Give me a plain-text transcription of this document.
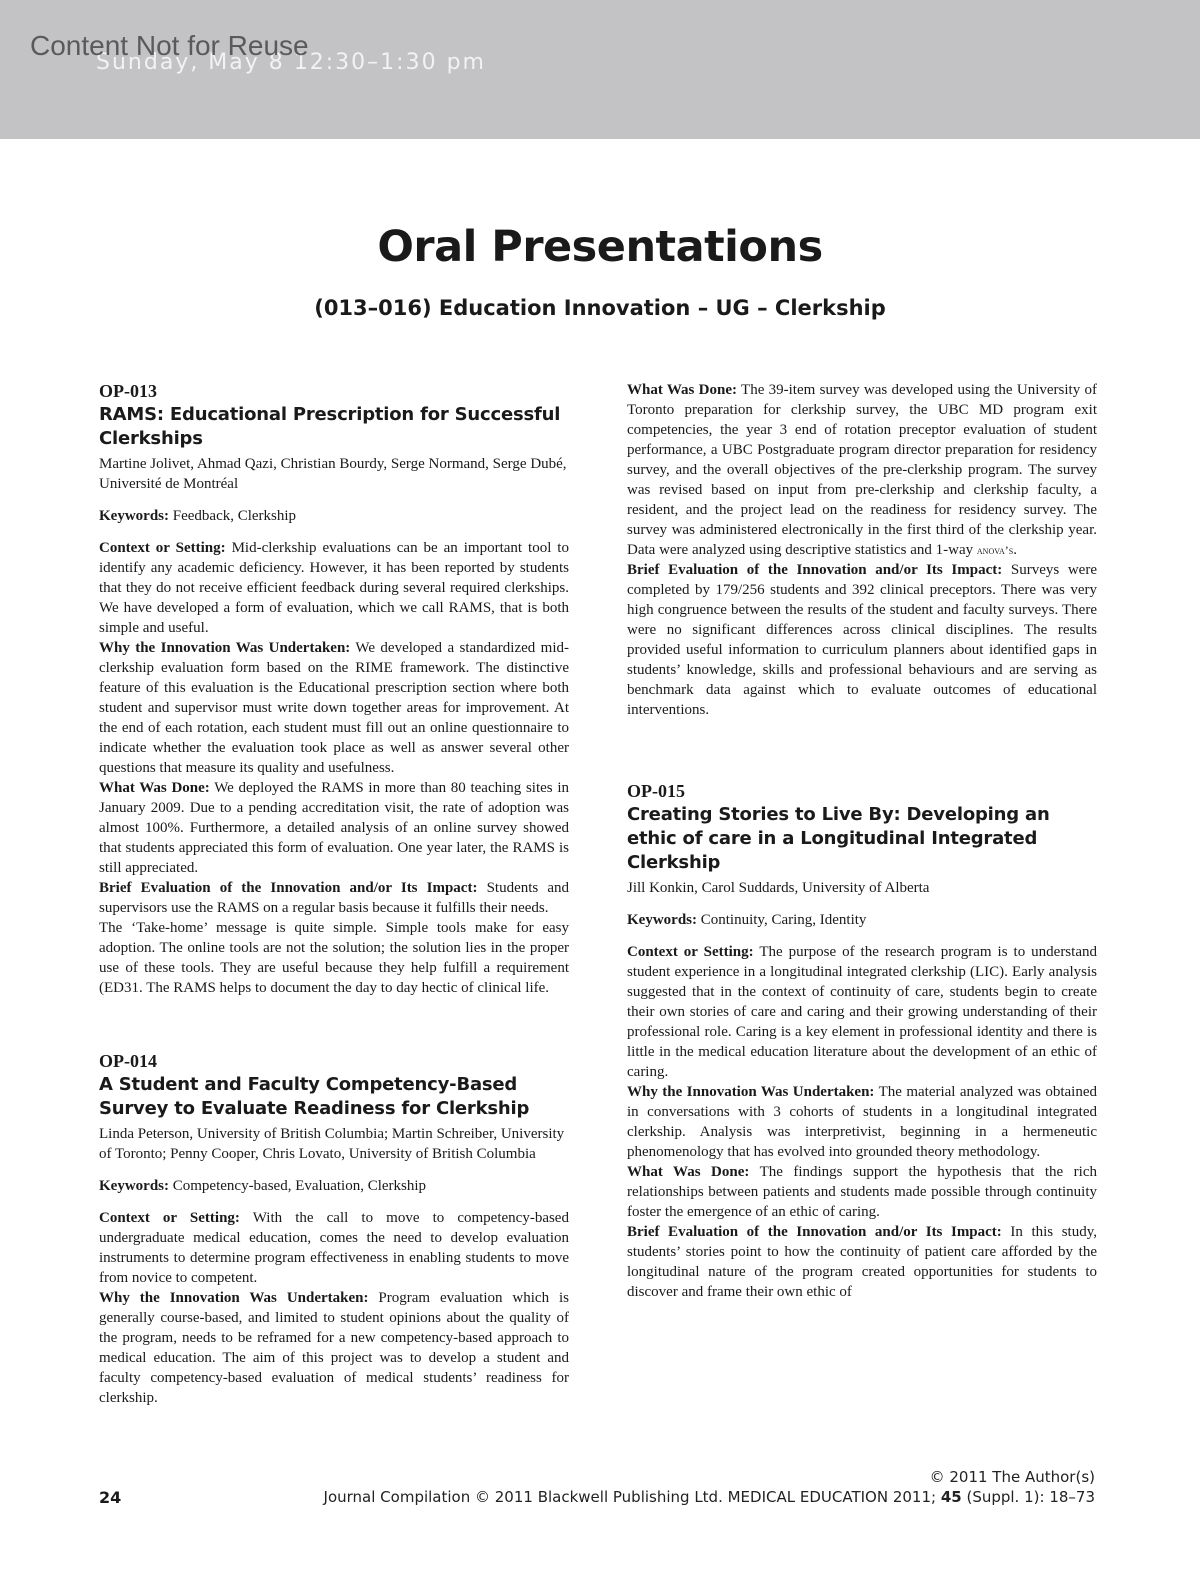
Sunday, May 8 12:30–1:30 pm
Content Not for Reuse
Oral Presentations
(013–016) Education Innovation – UG – Clerkship
OP-013
RAMS: Educational Prescription for Successful Clerkships
Martine Jolivet, Ahmad Qazi, Christian Bourdy, Serge Normand, Serge Dubé, Université de Montréal
Keywords: Feedback, Clerkship
Context or Setting: Mid-clerkship evaluations can be an important tool to identify any academic deficiency. However, it has been reported by students that they do not receive efficient feedback during several required clerkships. We have developed a form of evaluation, which we call RAMS, that is both simple and useful.
Why the Innovation Was Undertaken: We developed a standardized mid-clerkship evaluation form based on the RIME framework. The distinctive feature of this evaluation is the Educational prescription section where both student and supervisor must write down together areas for improvement. At the end of each rotation, each student must fill out an online questionnaire to indicate whether the evaluation took place as well as answer several other questions that measure its quality and usefulness.
What Was Done: We deployed the RAMS in more than 80 teaching sites in January 2009. Due to a pending accreditation visit, the rate of adoption was almost 100%. Furthermore, a detailed analysis of an online survey showed that students appreciated this form of evaluation. One year later, the RAMS is still appreciated.
Brief Evaluation of the Innovation and/or Its Impact: Students and supervisors use the RAMS on a regular basis because it fulfills their needs.
The ‘Take-home’ message is quite simple. Simple tools make for easy adoption. The online tools are not the solution; the solution lies in the proper use of these tools. They are useful because they help fulfill a requirement (ED31. The RAMS helps to document the day to day hectic of clinical life.
OP-014
A Student and Faculty Competency-Based Survey to Evaluate Readiness for Clerkship
Linda Peterson, University of British Columbia; Martin Schreiber, University of Toronto; Penny Cooper, Chris Lovato, University of British Columbia
Keywords: Competency-based, Evaluation, Clerkship
Context or Setting: With the call to move to competency-based undergraduate medical education, comes the need to develop evaluation instruments to determine program effectiveness in enabling students to move from novice to competent.
Why the Innovation Was Undertaken: Program evaluation which is generally course-based, and limited to student opinions about the quality of the program, needs to be reframed for a new competency-based approach to medical education. The aim of this project was to develop a student and faculty competency-based evaluation of medical students’ readiness for clerkship.
What Was Done: The 39-item survey was developed using the University of Toronto preparation for clerkship survey, the UBC MD program exit competencies, the year 3 end of rotation preceptor evaluation of student performance, a UBC Postgraduate program director preparation for residency survey, and the overall objectives of the pre-clerkship program. The survey was revised based on input from pre-clerkship and clerkship faculty, a resident, and the project lead on the readiness for residency survey. The survey was administered electronically in the first third of the clerkship year. Data were analyzed using descriptive statistics and 1-way anova’s.
Brief Evaluation of the Innovation and/or Its Impact: Surveys were completed by 179/256 students and 392 clinical preceptors. There was very high congruence between the results of the student and faculty surveys. There were no significant differences across clinical disciplines. The results provided useful information to curriculum planners about identified gaps in students’ knowledge, skills and professional behaviours and are serving as benchmark data against which to evaluate outcomes of educational interventions.
OP-015
Creating Stories to Live By: Developing an ethic of care in a Longitudinal Integrated Clerkship
Jill Konkin, Carol Suddards, University of Alberta
Keywords: Continuity, Caring, Identity
Context or Setting: The purpose of the research program is to understand student experience in a longitudinal integrated clerkship (LIC). Early analysis suggested that in the context of continuity of care, students begin to create their own stories of care and caring and their growing understanding of their professional role. Caring is a key element in professional identity and there is little in the medical education literature about the development of an ethic of caring.
Why the Innovation Was Undertaken: The material analyzed was obtained in conversations with 3 cohorts of students in a longitudinal integrated clerkship. Analysis was interpretivist, beginning in a hermeneutic phenomenology that has evolved into grounded theory methodology.
What Was Done: The findings support the hypothesis that the rich relationships between patients and students made possible through continuity foster the emergence of an ethic of caring.
Brief Evaluation of the Innovation and/or Its Impact: In this study, students’ stories point to how the continuity of patient care afforded by the longitudinal nature of the program created opportunities for students to discover and frame their own ethic of
© 2011 The Author(s)
24	Journal Compilation © 2011 Blackwell Publishing Ltd. MEDICAL EDUCATION 2011; 45 (Suppl. 1): 18–73
